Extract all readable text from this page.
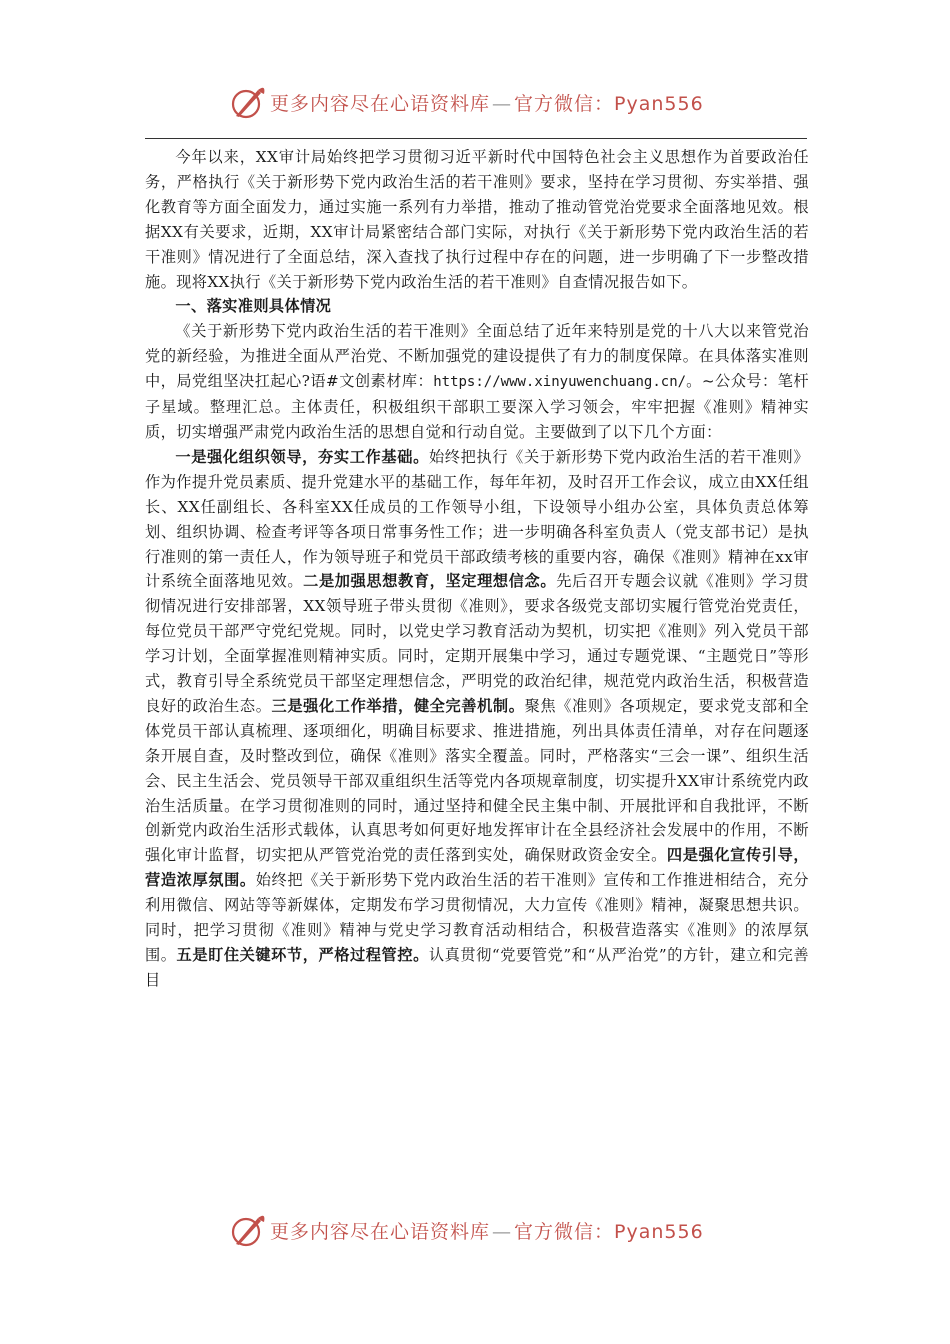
更多内容尽在心语资料库 — 官方微信：Pyan556

今年以来，XX审计局始终把学习贯彻习近平新时代中国特色社会主义思想作为首要政治任务，严格执行《关于新形势下党内政治生活的若干准则》要求，坚持在学习贯彻、夯实举措、强化教育等方面全面发力，通过实施一系列有力举措，推动了推动管党治党要求全面落地见效。根据XX有关要求，近期，XX审计局紧密结合部门实际，对执行《关于新形势下党内政治生活的若干准则》情况进行了全面总结，深入查找了执行过程中存在的问题，进一步明确了下一步整改措施。现将XX执行《关于新形势下党内政治生活的若干准则》自查情况报告如下。

一、落实准则具体情况

《关于新形势下党内政治生活的若干准则》全面总结了近年来特别是党的十八大以来管党治党的新经验，为推进全面从严治党、不断加强党的建设提供了有力的制度保障。在具体落实准则中，局党组坚决扛起心?语#文创素材库：https://www.xinyuwenchuang.cn/。~公众号：笔杆子星域。整理汇总。主体责任，积极组织干部职工要深入学习领会，牢牢把握《准则》精神实质，切实增强严肃党内政治生活的思想自觉和行动自觉。主要做到了以下几个方面：

一是强化组织领导，夯实工作基础。始终把执行《关于新形势下党内政治生活的若干准则》作为作提升党员素质、提升党建水平的基础工作，每年年初，及时召开工作会议，成立由XX任组长、XX任副组长、各科室XX任成员的工作领导小组，下设领导小组办公室，具体负责总体筹划、组织协调、检查考评等各项日常事务性工作；进一步明确各科室负责人（党支部书记）是执行准则的第一责任人，作为领导班子和党员干部政绩考核的重要内容，确保《准则》精神在xx审计系统全面落地见效。二是加强思想教育，坚定理想信念。先后召开专题会议就《准则》学习贯彻情况进行安排部署，XX领导班子带头贯彻《准则》，要求各级党支部切实履行管党治党责任，每位党员干部严守党纪党规。同时，以党史学习教育活动为契机，切实把《准则》列入党员干部学习计划，全面掌握准则精神实质。同时，定期开展集中学习，通过专题党课、“主题党日”等形式，教育引导全系统党员干部坚定理想信念，严明党的政治纪律，规范党内政治生活，积极营造良好的政治生态。三是强化工作举措，健全完善机制。聚焦《准则》各项规定，要求党支部和全体党员干部认真梳理、逐项细化，明确目标要求、推进措施，列出具体责任清单，对存在问题逐条开展自查，及时整改到位，确保《准则》落实全覆盖。同时，严格落实“三会一课”、组织生活会、民主生活会、党员领导干部双重组织生活等党内各项规章制度，切实提升XX审计系统党内政治生活质量。在学习贯彻准则的同时，通过坚持和健全民主集中制、开展批评和自我批评，不断创新党内政治生活形式载体，认真思考如何更好地发挥审计在全县经济社会发展中的作用，不断强化审计监督，切实把从严管党治党的责任落到实处，确保财政资金安全。四是强化宣传引导，营造浓厚氛围。始终把《关于新形势下党内政治生活的若干准则》宣传和工作推进相结合，充分利用微信、网站等等新媒体，定期发布学习贯彻情况，大力宣传《准则》精神，凝聚思想共识。同时，把学习贯彻《准则》精神与党史学习教育活动相结合，积极营造落实《准则》的浓厚氛围。五是盯住关键环节，严格过程管控。认真贯彻“党要管党”和“从严治党”的方针，建立和完善目

更多内容尽在心语资料库 — 官方微信：Pyan556
